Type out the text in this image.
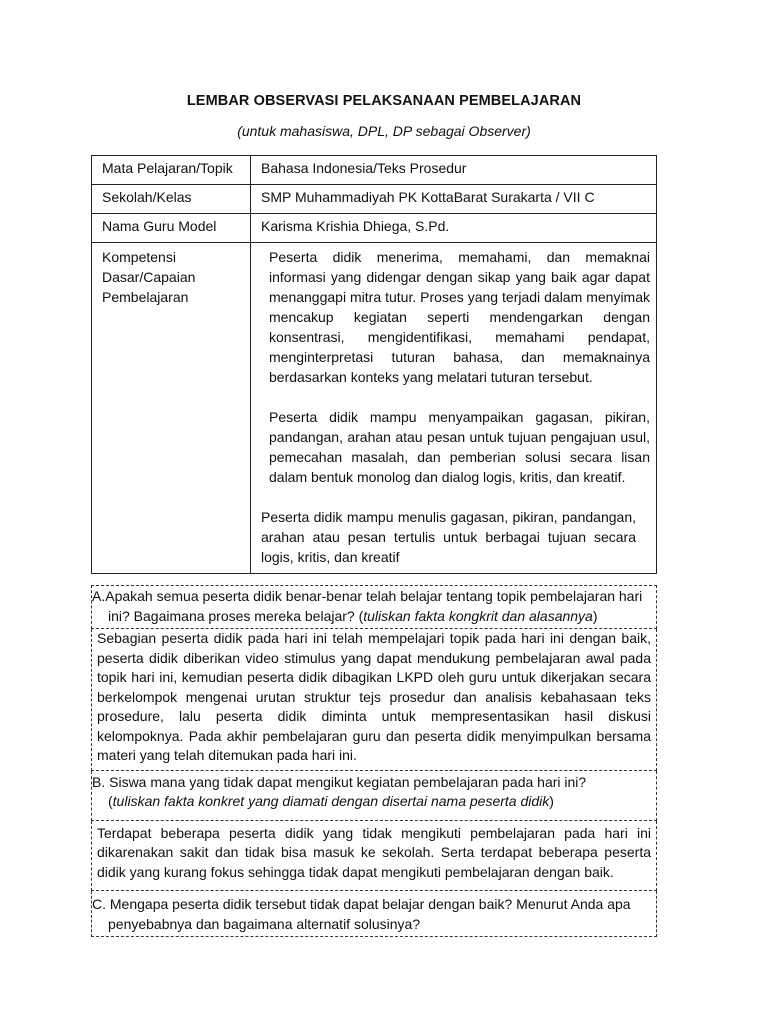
LEMBAR OBSERVASI PELAKSANAAN PEMBELAJARAN
(untuk mahasiswa, DPL, DP sebagai Observer)
Mata Pelajaran/Topik	Bahasa Indonesia/Teks Prosedur
Sekolah/Kelas	SMP Muhammadiyah PK KottaBarat Surakarta / VII C
Nama Guru Model	Karisma Krishia Dhiega, S.Pd.
Kompetensi Dasar/Capaian Pembelajaran	Peserta didik menerima, memahami, dan memaknai informasi yang didengar dengan sikap yang baik agar dapat menanggapi mitra tutur. Proses yang terjadi dalam menyimak mencakup kegiatan seperti mendengarkan dengan konsentrasi, mengidentifikasi, memahami pendapat, menginterpretasi tuturan bahasa, dan memaknainya berdasarkan konteks yang melatari tuturan tersebut.

Peserta didik mampu menyampaikan gagasan, pikiran, pandangan, arahan atau pesan untuk tujuan pengajuan usul, pemecahan masalah, dan pemberian solusi secara lisan dalam bentuk monolog dan dialog logis, kritis, dan kreatif.

Peserta didik mampu menulis gagasan, pikiran, pandangan, arahan atau pesan tertulis untuk berbagai tujuan secara logis, kritis, dan kreatif

A.Apakah semua peserta didik benar-benar telah belajar tentang topik pembelajaran hari
ini? Bagaimana proses mereka belajar? (tuliskan fakta kongkrit dan alasannya)
Sebagian peserta didik pada hari ini telah mempelajari topik pada hari ini dengan baik, peserta didik diberikan video stimulus yang dapat mendukung pembelajaran awal pada topik hari ini, kemudian peserta didik dibagikan LKPD oleh guru untuk dikerjakan secara berkelompok mengenai urutan struktur tejs prosedur dan analisis kebahasaan teks prosedure, lalu peserta didik diminta untuk mempresentasikan hasil diskusi kelompoknya. Pada akhir pembelajaran guru dan peserta didik menyimpulkan bersama materi yang telah ditemukan pada hari ini.
B. Siswa mana yang tidak dapat mengikut kegiatan pembelajaran pada hari ini?
(tuliskan fakta konkret yang diamati dengan disertai nama peserta didik)
Terdapat beberapa peserta didik yang tidak mengikuti pembelajaran pada hari ini dikarenakan sakit dan tidak bisa masuk ke sekolah. Serta terdapat beberapa peserta didik yang kurang fokus sehingga tidak dapat mengikuti pembelajaran dengan baik.
C. Mengapa peserta didik tersebut tidak dapat belajar dengan baik? Menurut Anda apa
penyebabnya dan bagaimana alternatif solusinya?
